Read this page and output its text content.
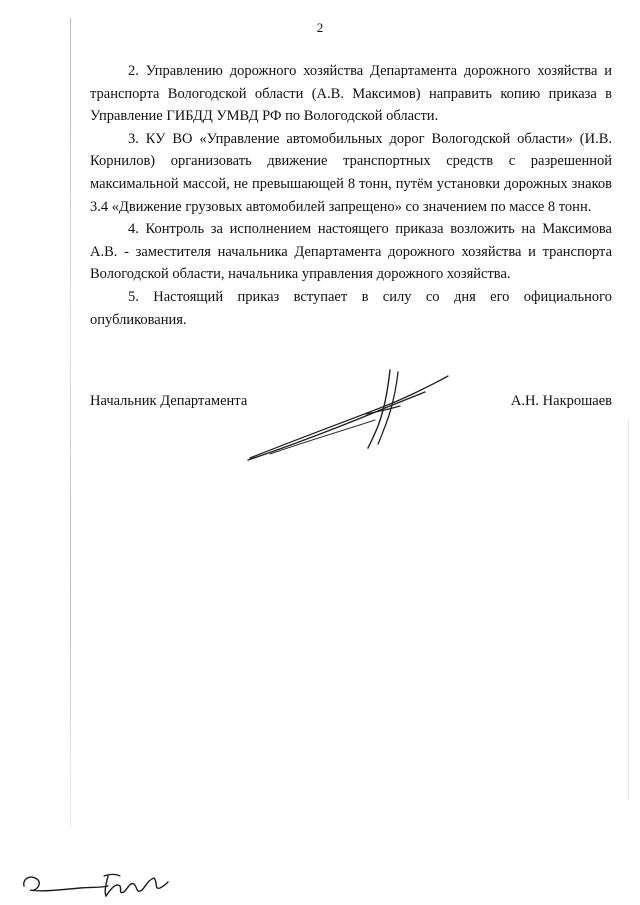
2

2. Управлению дорожного хозяйства Департамента дорожного хозяйства и транспорта Вологодской области (А.В. Максимов) направить копию приказа в Управление ГИБДД УМВД РФ по Вологодской области.

3. КУ ВО «Управление автомобильных дорог Вологодской области» (И.В. Корнилов) организовать движение транспортных средств с разрешенной максимальной массой, не превышающей 8 тонн, путём установки дорожных знаков 3.4 «Движение грузовых автомобилей запрещено» со значением по массе 8 тонн.

4. Контроль за исполнением настоящего приказа возложить на Максимова А.В. - заместителя начальника Департамента дорожного хозяйства и транспорта Вологодской области, начальника управления дорожного хозяйства.

5. Настоящий приказ вступает в силу со дня его официального опубликования.

Начальник Департамента	А.Н. Накрошаев
